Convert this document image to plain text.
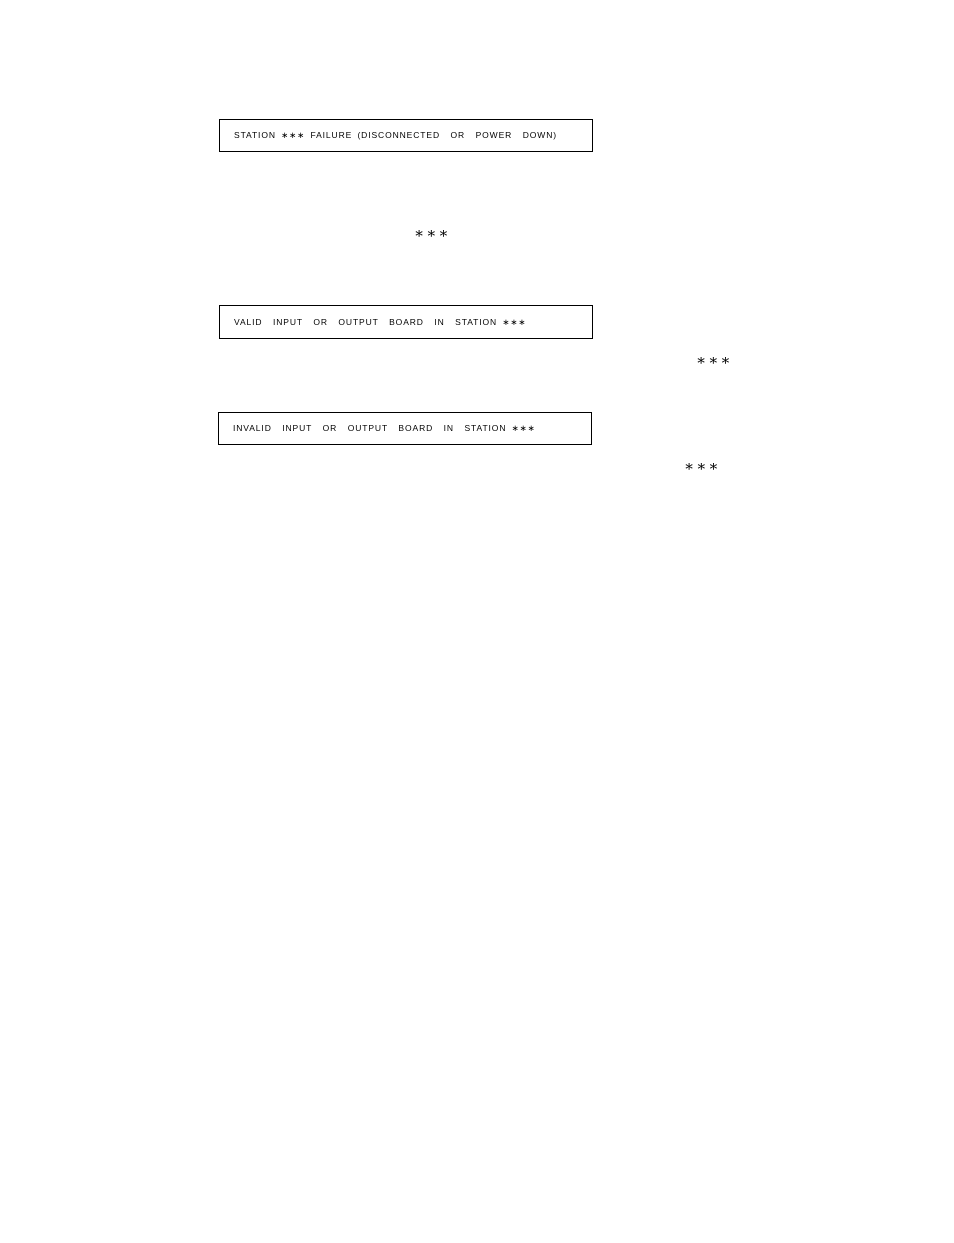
STATION ∗∗∗ FAILURE (DISCONNECTED  OR  POWER  DOWN)
∗∗∗
VALID  INPUT  OR  OUTPUT  BOARD  IN  STATION ∗∗∗
∗∗∗
INVALID  INPUT  OR  OUTPUT  BOARD  IN  STATION ∗∗∗
∗∗∗
